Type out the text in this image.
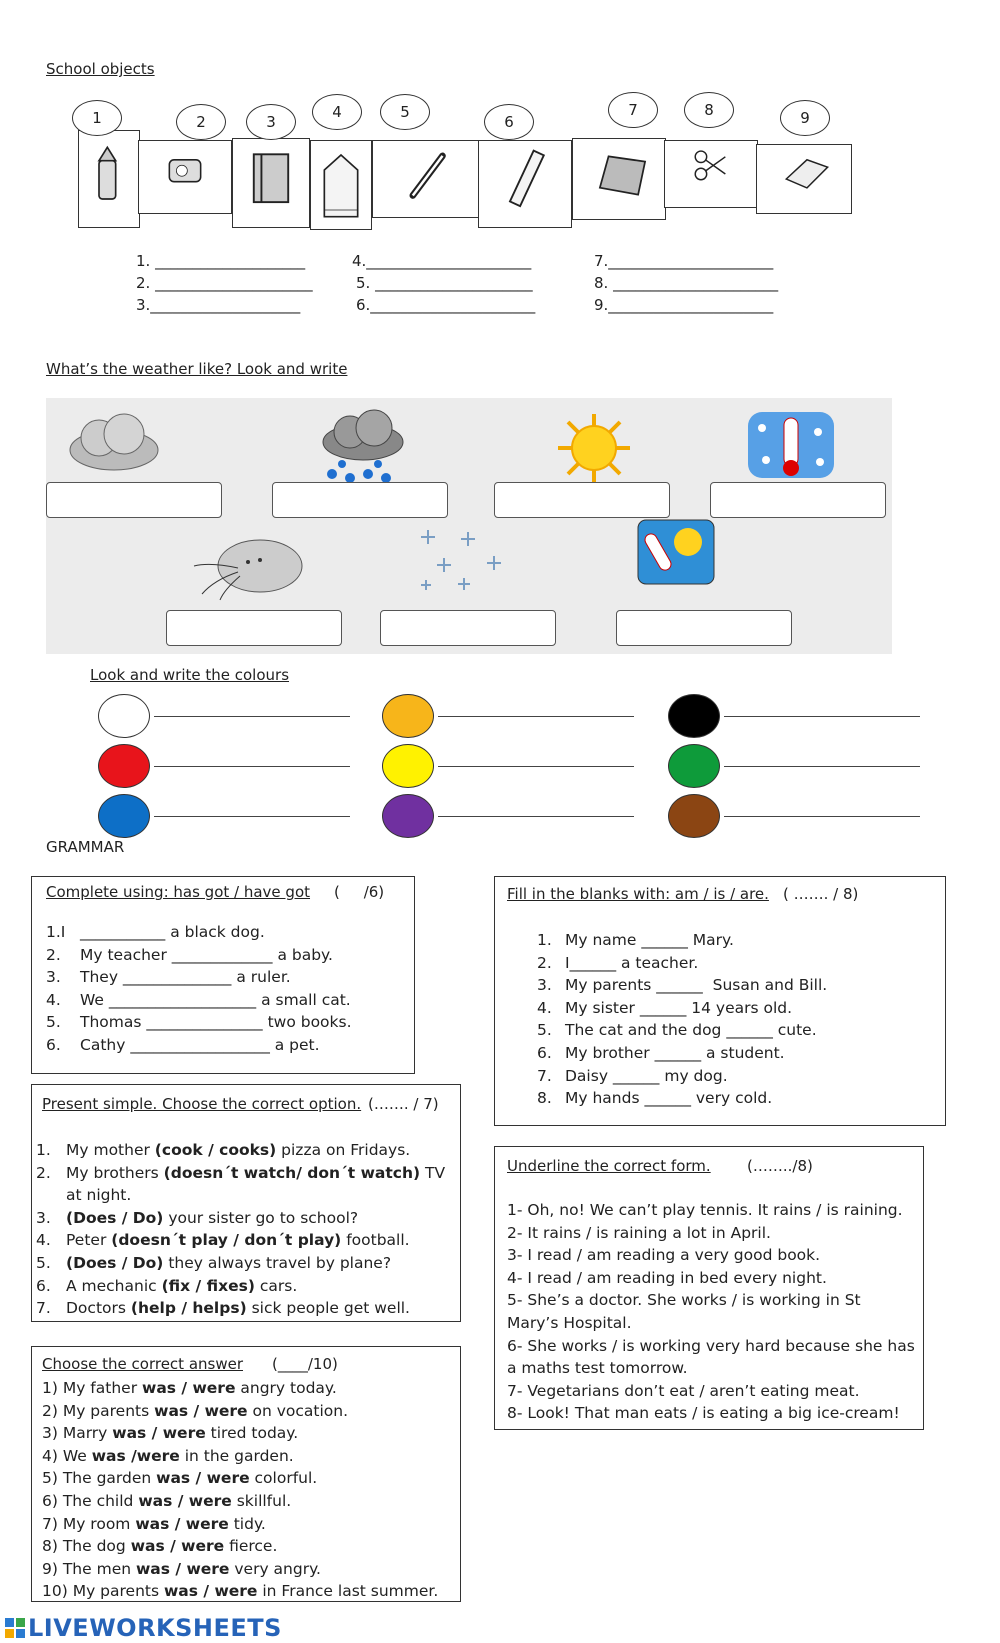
School objects
1	2	3
4	5
6
7	8	9
1. ____________________	4.______________________	7.______________________
2. _____________________	5. _____________________	8. ______________________
3.____________________	6.______________________	9.______________________
What’s the weather like? Look and write
Look and write the colours
GRAMMAR
Complete using: has got / have got (     /6)
1.I ___________ a black dog.
2.	My teacher _____________ a baby.
3.	They ______________ a ruler.
4.	We ___________________ a small cat.
5.	Thomas _______________ two books.
6.	Cathy __________________ a pet.
Fill in the blanks with: am / is / are. ( ……. / 8)
1. My name ______ Mary.
2. I______ a teacher.
3. My parents ______  Susan and Bill.
4. My sister ______ 14 years old.
5. The cat and the dog ______ cute.
6. My brother ______ a student.
7. Daisy ______ my dog.
8. My hands ______ very cold.
Present simple. Choose the correct option. (……. / 7)
1. My mother (cook / cooks) pizza on Fridays.
2. My brothers (doesn´t watch/ don´t watch) TV
at night.
3. (Does / Do) your sister go to school?
4. Peter (doesn´t play / don´t play) football.
5. (Does / Do) they always travel by plane?
6. A mechanic (fix / fixes) cars.
7. Doctors (help / helps) sick people get well.
Underline the correct form. (……../8)
1- Oh, no! We can’t play tennis. It rains / is raining.
2- It rains / is raining a lot in April.
3- I read / am reading a very good book.
4- I read / am reading in bed every night.
5- She’s a doctor. She works / is working in St
Mary’s Hospital.
6- She works / is working very hard because she has
a maths test tomorrow.
7- Vegetarians don’t eat / aren’t eating meat.
8- Look! That man eats / is eating a big ice-cream!
Choose the correct answer (____/10)
1) My father was / were angry today.
2) My parents was / were on vocation.
3) Marry was / were tired today.
4) We was /were in the garden.
5) The garden was / were colorful.
6) The child was / were skillful.
7) My room was / were tidy.
8) The dog was / were fierce.
9) The men was / were very angry.
10) My parents was / were in France last summer.
LIVEWORKSHEETS
